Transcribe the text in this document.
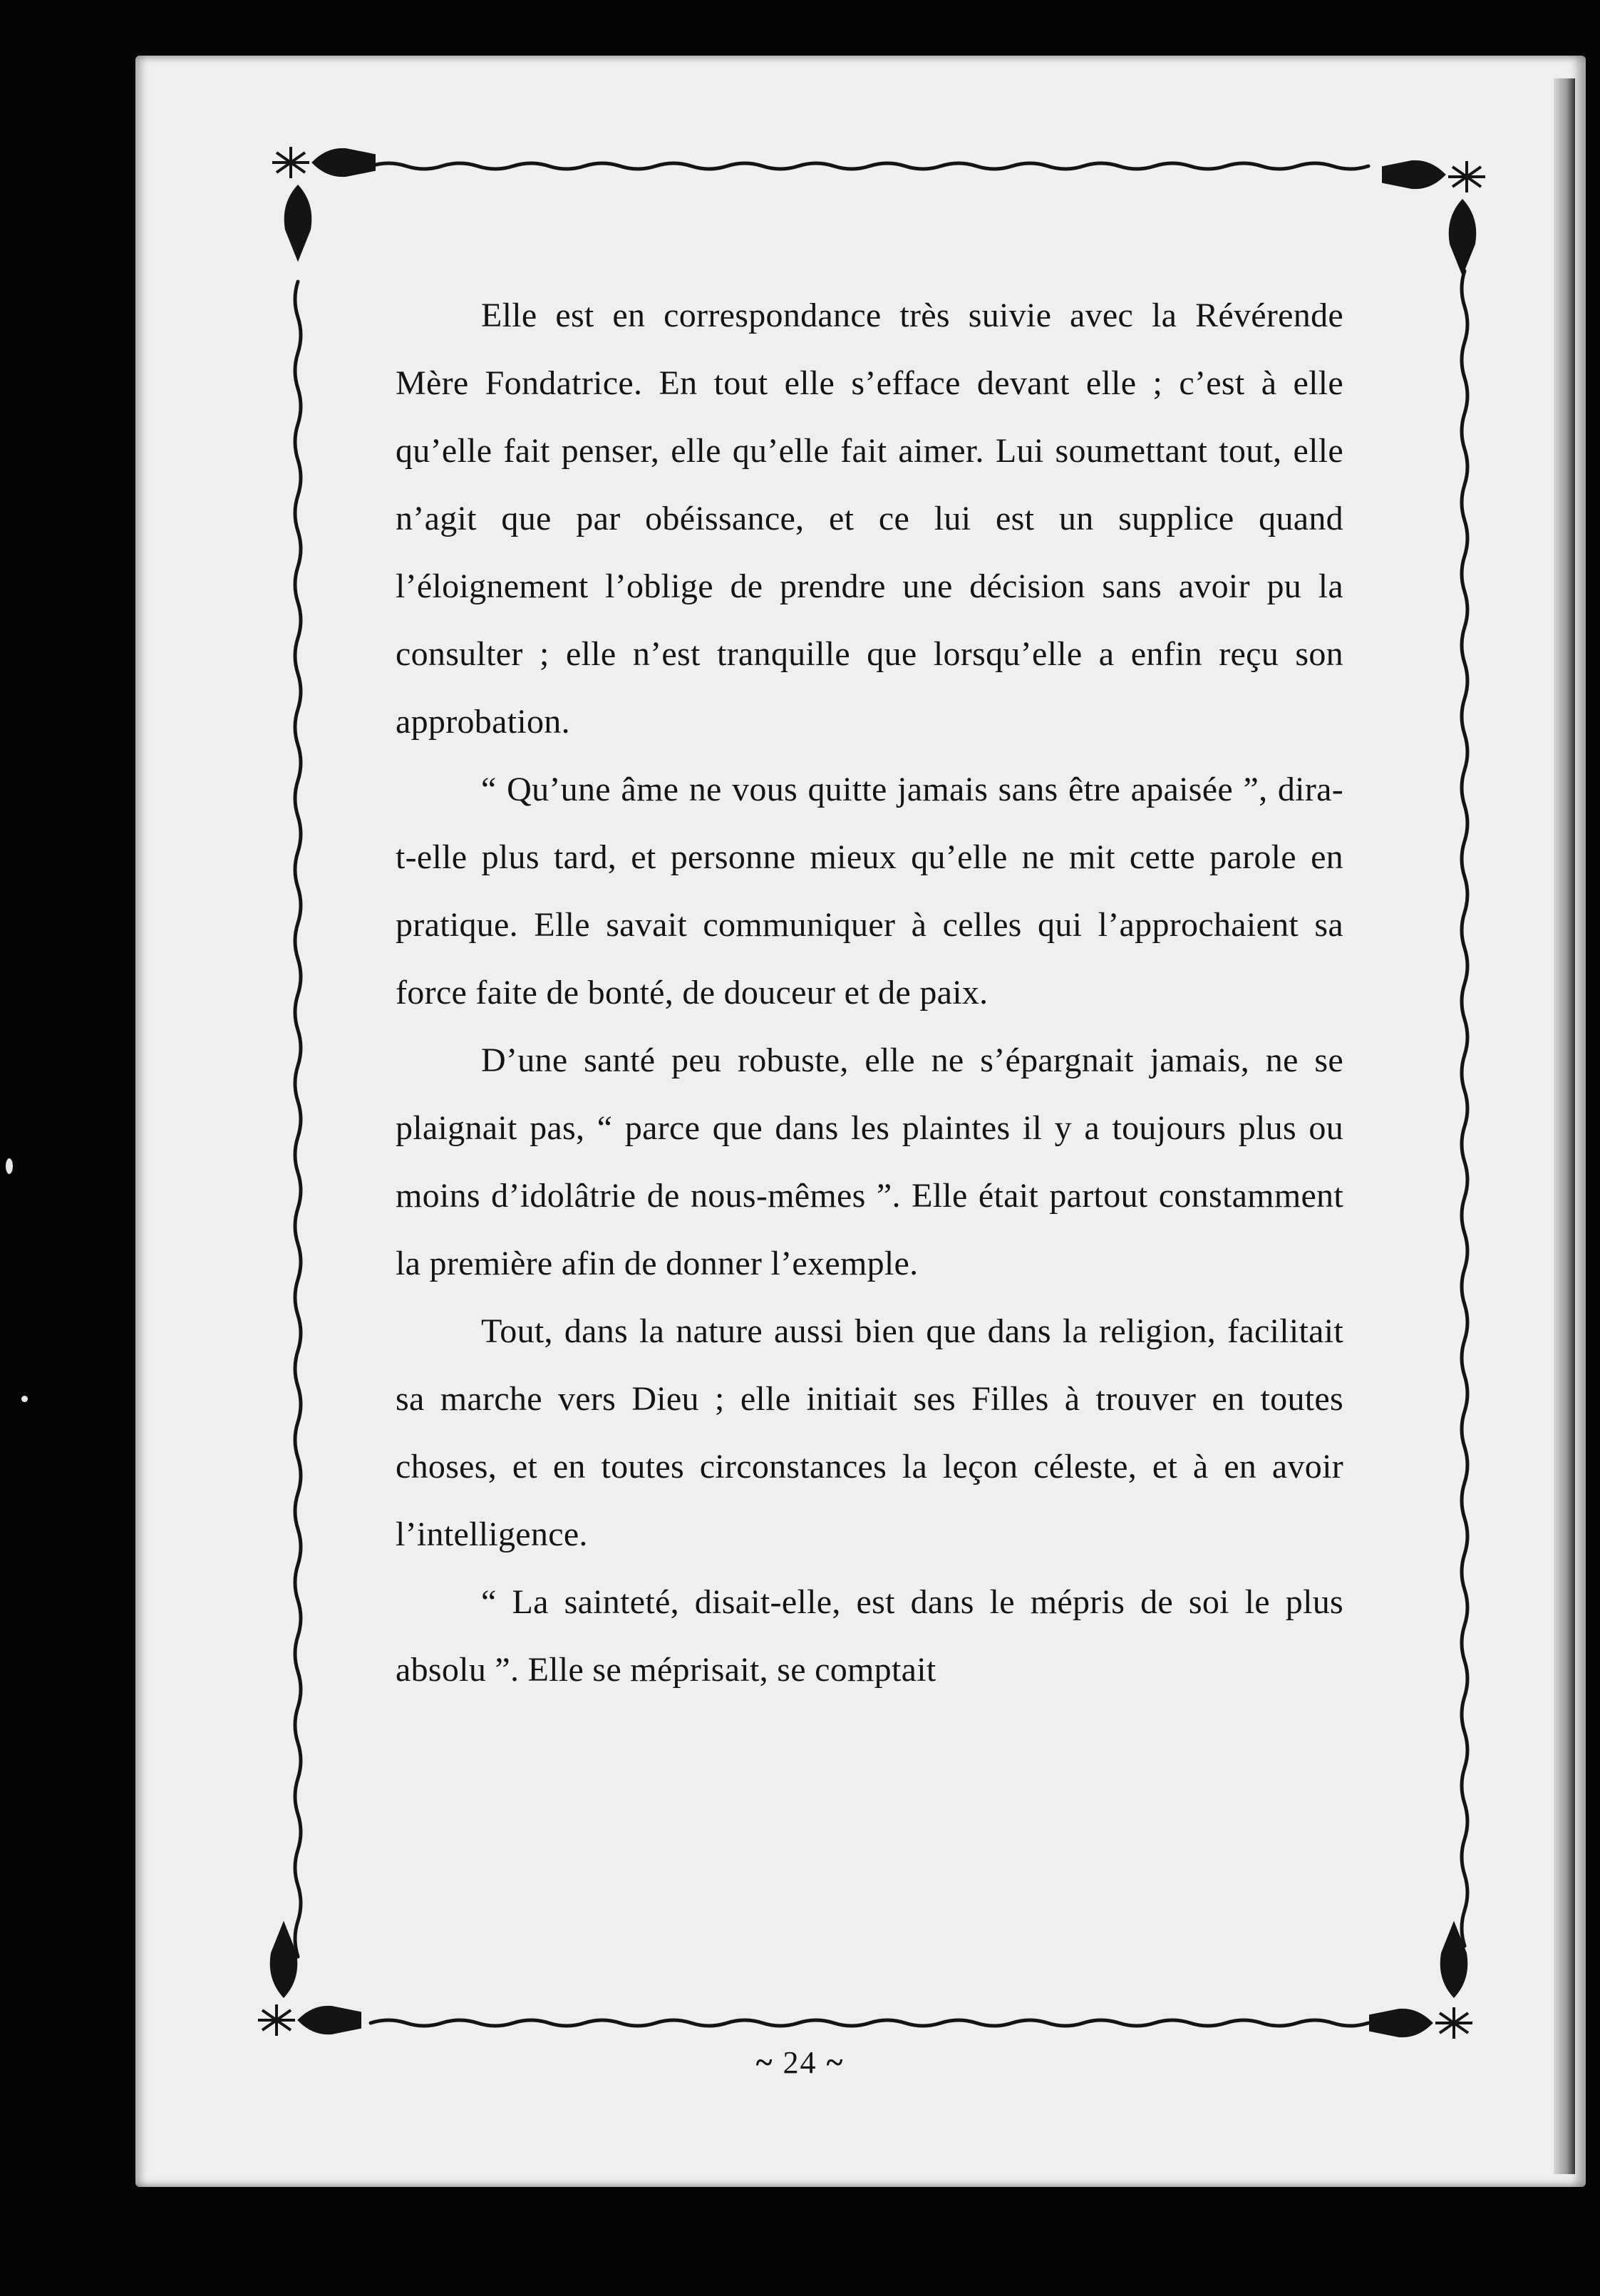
Elle est en correspondance très suivie avec la Révérende Mère Fondatrice. En tout elle s’efface devant elle ; c’est à elle qu’elle fait penser, elle qu’elle fait aimer. Lui soumettant tout, elle n’agit que par obéissance, et ce lui est un supplice quand l’éloignement l’oblige de prendre une décision sans avoir pu la consulter ; elle n’est tranquille que lorsqu’elle a enfin reçu son approbation.

“ Qu’une âme ne vous quitte jamais sans être apaisée ”, dira-t-elle plus tard, et personne mieux qu’elle ne mit cette parole en pratique. Elle savait communiquer à celles qui l’approchaient sa force faite de bonté, de douceur et de paix.

D’une santé peu robuste, elle ne s’épargnait jamais, ne se plaignait pas, “ parce que dans les plaintes il y a toujours plus ou moins d’idolâtrie de nous-mêmes ”. Elle était partout constamment la première afin de donner l’exemple.

Tout, dans la nature aussi bien que dans la religion, facilitait sa marche vers Dieu ; elle initiait ses Filles à trouver en toutes choses, et en toutes circonstances la leçon céleste, et à en avoir l’intelligence.

“ La sainteté, disait-elle, est dans le mépris de soi le plus absolu ”. Elle se méprisait, se comptait

~ 24 ~
